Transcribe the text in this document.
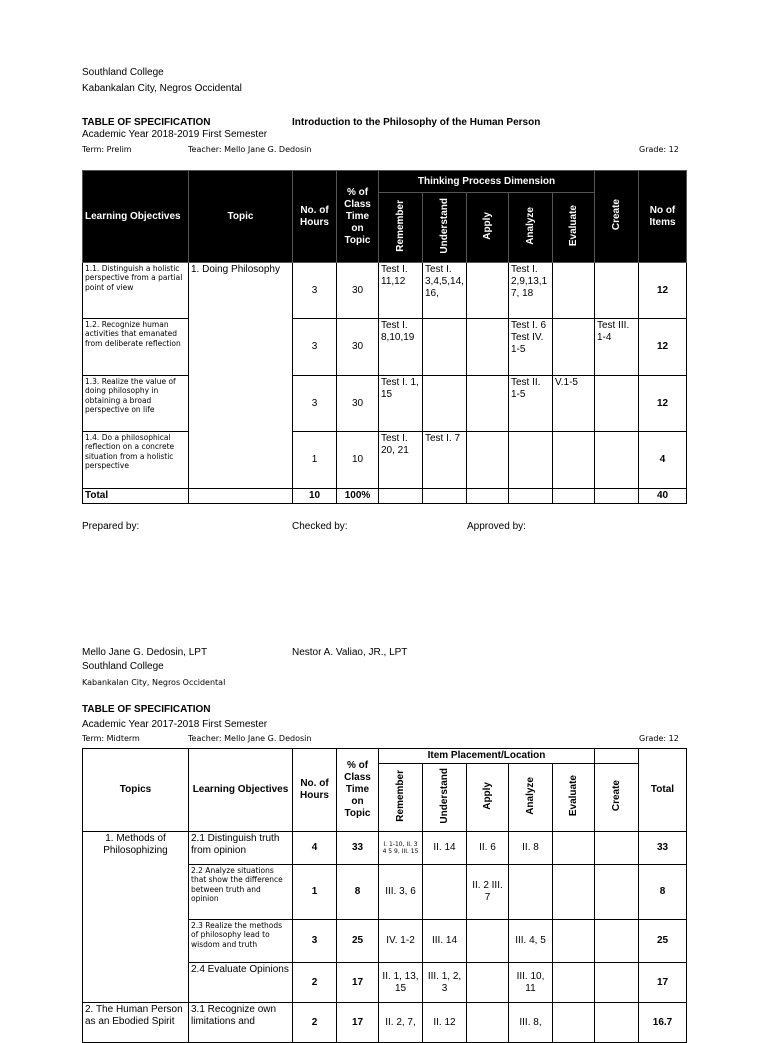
Southland College
Kabankalan City, Negros Occidental
TABLE OF SPECIFICATION	Introduction to the Philosophy of the Human Person
Academic Year 2018-2019 First Semester
Term: Prelim	Teacher: Mello Jane G. Dedosin	Grade: 12
Learning Objectives	Topic	No. of Hours	% of Class Time on Topic	Thinking Process Dimension					Create	No of Items
				Remember	Understand	Apply	Analyze	Evaluate		
1.1. Distinguish a holistic perspective from a partial point of view	1. Doing Philosophy	3	30	Test I. 11,12	Test I. 3,4,5,14, 16,		Test I. 2,9,13,1 7, 18			12
1.2. Recognize human activities that emanated from deliberate reflection		3	30	Test I. 8,10,19			Test I. 6 Test IV. 1-5		Test III. 1-4	12
1.3. Realize the value of doing philosophy in obtaining a broad perspective on life		3	30	Test I. 1, 15			Test II. 1-5	V.1-5		12
1.4. Do a philosophical reflection on a concrete situation from a holistic perspective		1	10	Test I. 20, 21	Test I. 7					4
Total		10	100%							40
Prepared by:	Checked by:	Approved by:
Mello Jane G. Dedosin, LPT	Nestor A. Valiao, JR., LPT
Southland College
Kabankalan City, Negros Occidental
TABLE OF SPECIFICATION
Academic Year 2017-2018 First Semester
Term: Midterm	Teacher: Mello Jane G. Dedosin	Grade: 12
Topics	Learning Objectives	No. of Hours	% of Class Time on Topic	Item Placement/Location						Total
				Remember	Understand	Apply	Analyze	Evaluate	Create	
1. Methods of Philosophizing	2.1 Distinguish truth from opinion	4	33	I. 1-10, II. 3 4 5 9, III. 15	II. 14	II. 6	II. 8			33
	2.2 Analyze situations that show the difference between truth and opinion	1	8	III. 3, 6		II. 2 III. 7				8
	2.3 Realize the methods of philosophy lead to wisdom and truth	3	25	IV. 1-2	III. 14		III. 4, 5			25
	2.4 Evaluate Opinions	2	17	II. 1, 13, 15	III. 1, 2, 3		III. 10, 11			17
2. The Human Person as an Ebodied Spirit	3.1 Recognize own limitations and	2	17	II. 2, 7,	II. 12		III. 8,			16.7
